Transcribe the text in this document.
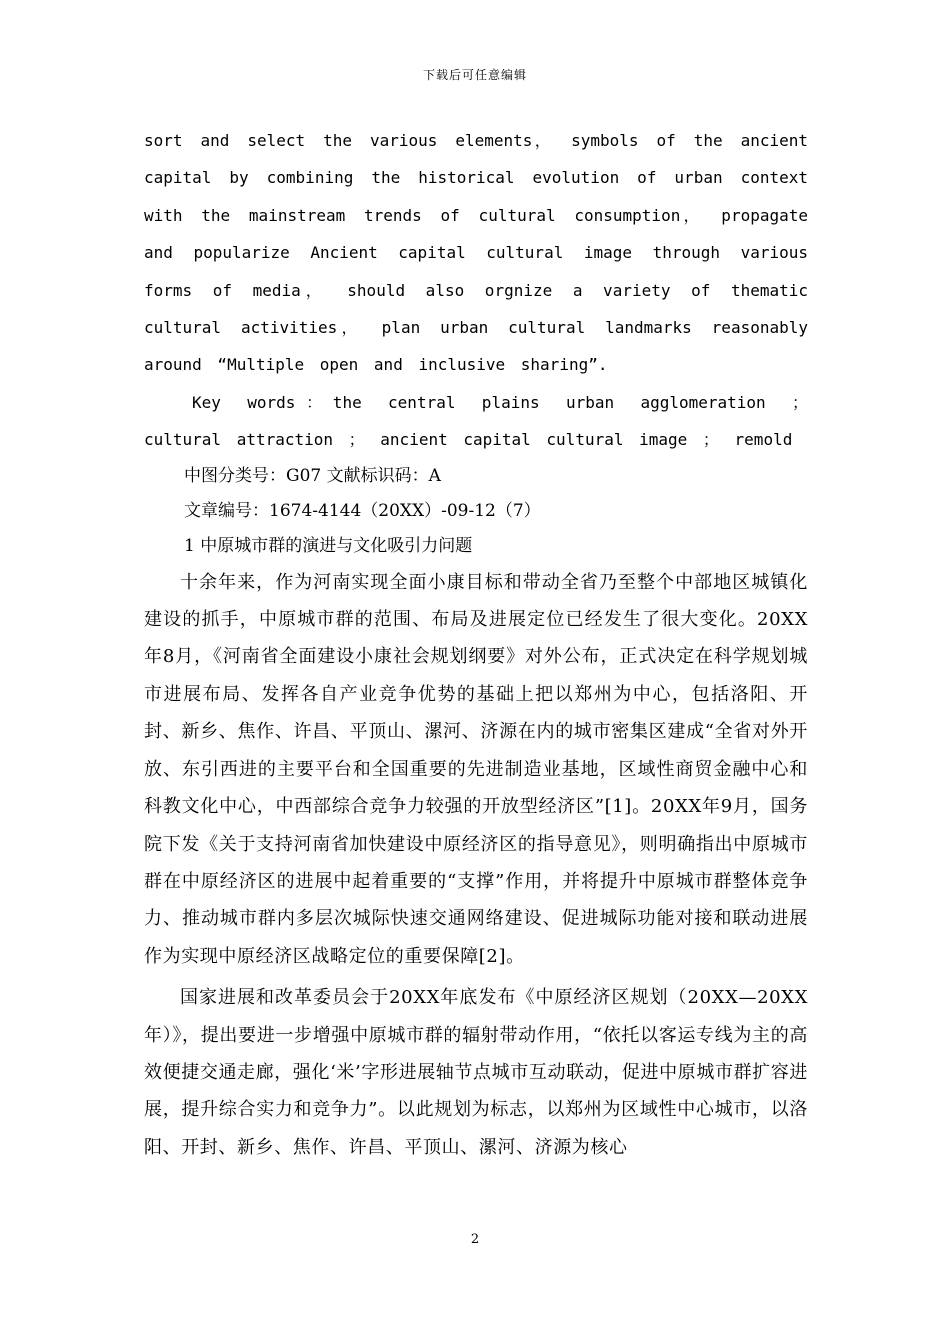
下载后可任意编辑

sort and select the various elements， symbols of the ancient capital by combining the historical evolution of urban context with the mainstream trends of cultural consumption， propagate and popularize Ancient capital cultural image through various forms of media， should also orgnize a variety of thematic cultural activities， plan urban cultural landmarks reasonably around “Multiple open and inclusive sharing”.

Key words：the central plains urban agglomeration ； cultural attraction ； ancient capital cultural image ； remold

中图分类号：G07 文献标识码：A

文章编号：1674-4144（20XX）-09-12（7）

1 中原城市群的演进与文化吸引力问题

十余年来，作为河南实现全面小康目标和带动全省乃至整个中部地区城镇化建设的抓手，中原城市群的范围、布局及进展定位已经发生了很大变化。20XX年8月，《河南省全面建设小康社会规划纲要》对外公布，正式决定在科学规划城市进展布局、发挥各自产业竞争优势的基础上把以郑州为中心，包括洛阳、开封、新乡、焦作、许昌、平顶山、漯河、济源在内的城市密集区建成“全省对外开放、东引西进的主要平台和全国重要的先进制造业基地，区域性商贸金融中心和科教文化中心，中西部综合竞争力较强的开放型经济区”[1]。20XX年9月，国务院下发《关于支持河南省加快建设中原经济区的指导意见》，则明确指出中原城市群在中原经济区的进展中起着重要的“支撑”作用，并将提升中原城市群整体竞争力、推动城市群内多层次城际快速交通网络建设、促进城际功能对接和联动进展作为实现中原经济区战略定位的重要保障[2]。

国家进展和改革委员会于20XX年底发布《中原经济区规划（20XX—20XX年）》，提出要进一步增强中原城市群的辐射带动作用，“依托以客运专线为主的高效便捷交通走廊，强化‘米’字形进展轴节点城市互动联动，促进中原城市群扩容进展，提升综合实力和竞争力”。以此规划为标志，以郑州为区域性中心城市，以洛阳、开封、新乡、焦作、许昌、平顶山、漯河、济源为核心

2
